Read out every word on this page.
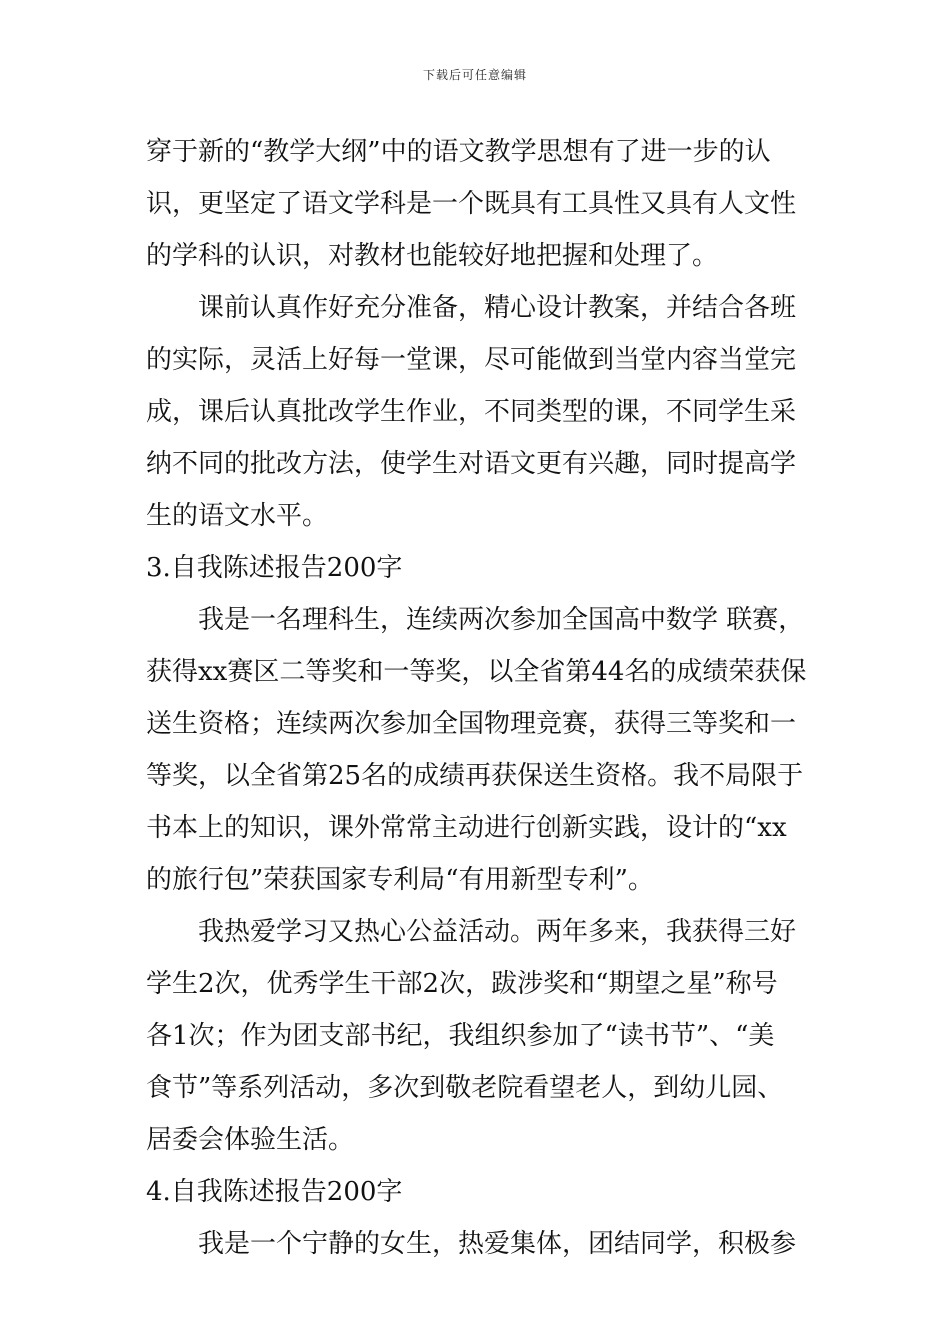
下载后可任意编辑
穿于新的“教学大纲”中的语文教学思想有了进一步的认
识，更坚定了语文学科是一个既具有工具性又具有人文性
的学科的认识，对教材也能较好地把握和处理了。
课前认真作好充分准备，精心设计教案，并结合各班
的实际，灵活上好每一堂课，尽可能做到当堂内容当堂完
成，课后认真批改学生作业，不同类型的课，不同学生采
纳不同的批改方法，使学生对语文更有兴趣，同时提高学
生的语文水平。
3.自我陈述报告200字
我是一名理科生，连续两次参加全国高中数学 联赛，
获得xx赛区二等奖和一等奖，以全省第44名的成绩荣获保
送生资格；连续两次参加全国物理竞赛，获得三等奖和一
等奖，以全省第25名的成绩再获保送生资格。我不局限于
书本上的知识，课外常常主动进行创新实践，设计的“xx
的旅行包”荣获国家专利局“有用新型专利”。
我热爱学习又热心公益活动。两年多来，我获得三好
学生2次，优秀学生干部2次，跋涉奖和“期望之星”称号
各1次；作为团支部书纪，我组织参加了“读书节”、“美
食节”等系列活动，多次到敬老院看望老人，到幼儿园、
居委会体验生活。
4.自我陈述报告200字
我是一个宁静的女生，热爱集体，团结同学，积极参
